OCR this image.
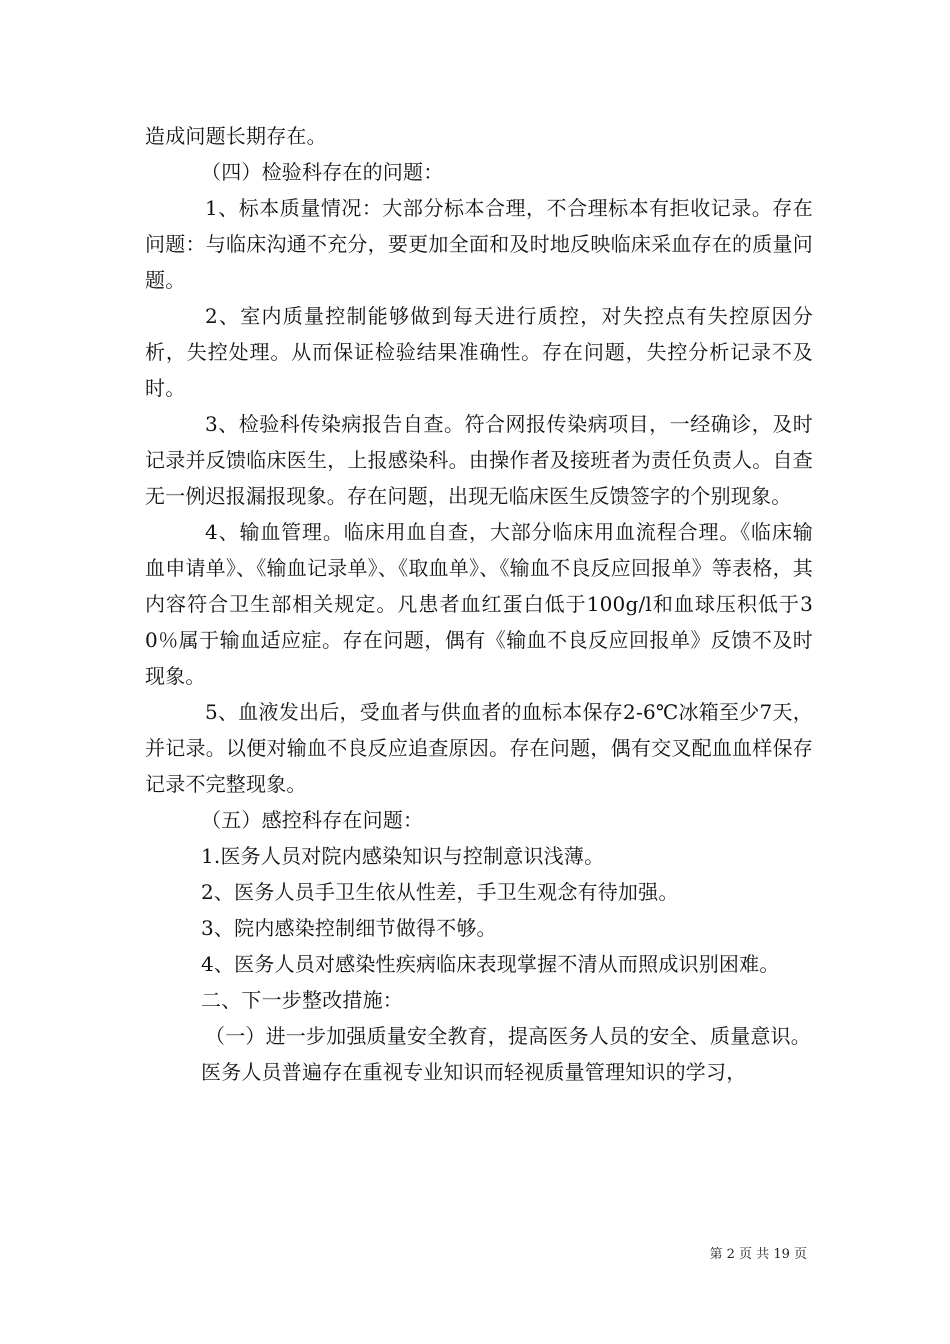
造成问题长期存在。

（四）检验科存在的问题：

1、标本质量情况：大部分标本合理，不合理标本有拒收记录。存在问题：与临床沟通不充分，要更加全面和及时地反映临床采血存在的质量问题。

2、室内质量控制能够做到每天进行质控，对失控点有失控原因分析，失控处理。从而保证检验结果准确性。存在问题，失控分析记录不及时。

3、检验科传染病报告自查。符合网报传染病项目，一经确诊，及时记录并反馈临床医生，上报感染科。由操作者及接班者为责任负责人。自查无一例迟报漏报现象。存在问题，出现无临床医生反馈签字的个别现象。

4、输血管理。临床用血自查，大部分临床用血流程合理。《临床输血申请单》、《输血记录单》、《取血单》、《输血不良反应回报单》等表格，其内容符合卫生部相关规定。凡患者血红蛋白低于100g/l和血球压积低于30％属于输血适应症。存在问题，偶有《输血不良反应回报单》反馈不及时现象。

5、血液发出后，受血者与供血者的血标本保存2-6℃冰箱至少7天，并记录。以便对输血不良反应追查原因。存在问题，偶有交叉配血血样保存记录不完整现象。

（五）感控科存在问题：

1.医务人员对院内感染知识与控制意识浅薄。

2、医务人员手卫生依从性差，手卫生观念有待加强。

3、院内感染控制细节做得不够。

4、医务人员对感染性疾病临床表现掌握不清从而照成识别困难。

二、下一步整改措施：

（一）进一步加强质量安全教育，提高医务人员的安全、质量意识。

医务人员普遍存在重视专业知识而轻视质量管理知识的学习，

第 2 页 共 19 页
